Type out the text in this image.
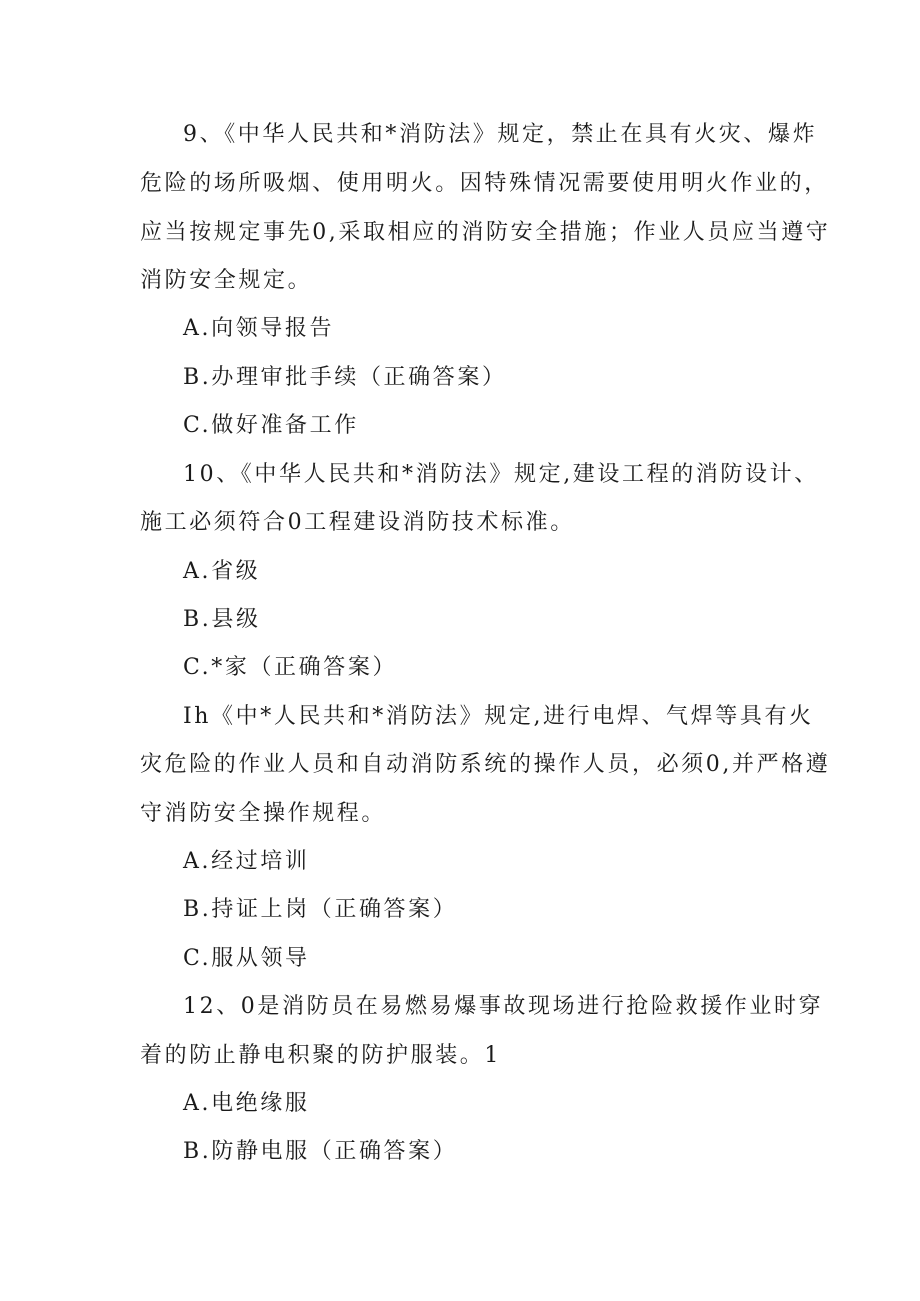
9、《中华人民共和*消防法》规定，禁止在具有火灾、爆炸
危险的场所吸烟、使用明火。因特殊情况需要使用明火作业的，
应当按规定事先0,采取相应的消防安全措施；作业人员应当遵守
消防安全规定。
A.向领导报告
B.办理审批手续（正确答案）
C.做好准备工作
10、《中华人民共和*消防法》规定,建设工程的消防设计、
施工必须符合0工程建设消防技术标准。
A.省级
B.县级
C.*家（正确答案）
Ih《中*人民共和*消防法》规定,进行电焊、气焊等具有火
灾危险的作业人员和自动消防系统的操作人员，必须0,并严格遵
守消防安全操作规程。
A.经过培训
B.持证上岗（正确答案）
C.服从领导
12、0是消防员在易燃易爆事故现场进行抢险救援作业时穿
着的防止静电积聚的防护服装。1
A.电绝缘服
B.防静电服（正确答案）
